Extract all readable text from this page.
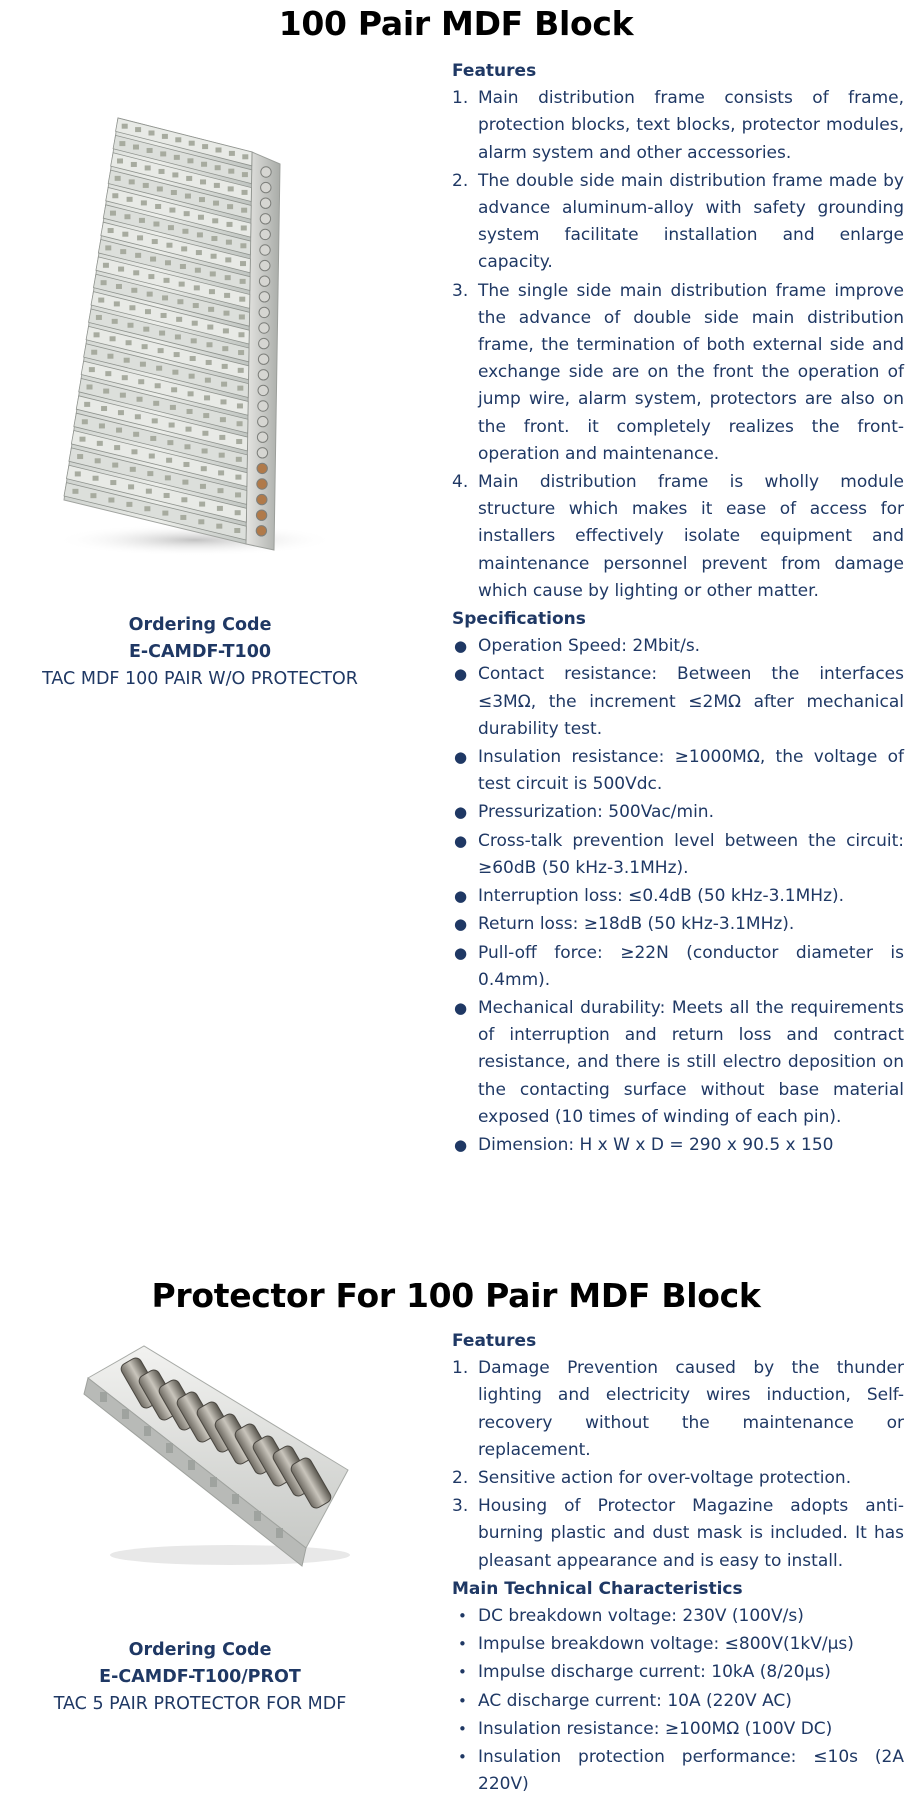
100 Pair MDF Block
Ordering Code
E-CAMDF-T100
TAC MDF 100 PAIR W/O PROTECTOR
Features
1. Main distribution frame consists of frame, protection blocks, text blocks, protector modules, alarm system and other accessories.
2. The double side main distribution frame made by advance aluminum-alloy with safety grounding system facilitate installation and enlarge capacity.
3. The single side main distribution frame improve the advance of double side main distribution frame, the termination of both external side and exchange side are on the front the operation of jump wire, alarm system, protectors are also on the front. it completely realizes the front-operation and maintenance.
4. Main distribution frame is wholly module structure which makes it ease of access for installers effectively isolate equipment and maintenance personnel prevent from damage which cause by lighting or other matter.
Specifications
● Operation Speed: 2Mbit/s.
● Contact resistance: Between the interfaces ≤3MΩ, the increment ≤2MΩ after mechanical durability test.
● Insulation resistance: ≥1000MΩ, the voltage of test circuit is 500Vdc.
● Pressurization: 500Vac/min.
● Cross-talk prevention level between the circuit: ≥60dB (50 kHz-3.1MHz).
● Interruption loss: ≤0.4dB (50 kHz-3.1MHz).
● Return loss: ≥18dB (50 kHz-3.1MHz).
● Pull-off force: ≥22N (conductor diameter is 0.4mm).
● Mechanical durability: Meets all the requirements of interruption and return loss and contract resistance, and there is still electro deposition on the contacting surface without base material exposed (10 times of winding of each pin).
● Dimension: H x W x D = 290 x 90.5 x 150
Protector For 100 Pair MDF Block
Ordering Code
E-CAMDF-T100/PROT
TAC 5 PAIR PROTECTOR FOR MDF
Features
1. Damage Prevention caused by the thunder lighting and electricity wires induction, Self-recovery without the maintenance or replacement.
2. Sensitive action for over-voltage protection.
3. Housing of Protector Magazine adopts anti-burning plastic and dust mask is included. It has pleasant appearance and is easy to install.
Main Technical Characteristics
• DC breakdown voltage: 230V (100V/s)
• Impulse breakdown voltage: ≤800V(1kV/µs)
• Impulse discharge current: 10kA (8/20µs)
• AC discharge current: 10A (220V AC)
• Insulation resistance: ≥100MΩ (100V DC)
• Insulation protection performance: ≤10s (2A 220V)
